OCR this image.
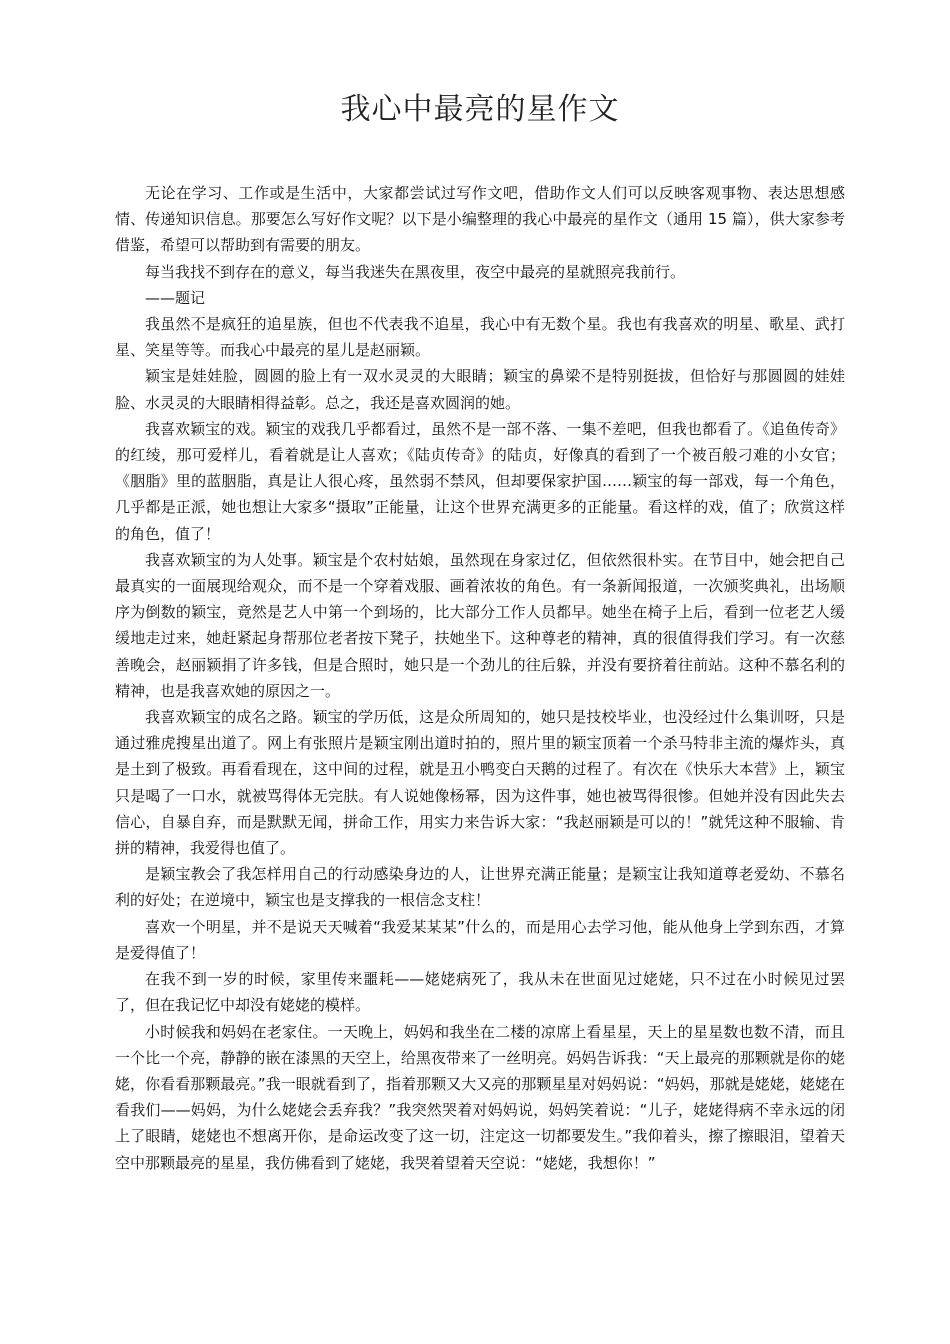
我心中最亮的星作文

无论在学习、工作或是生活中，大家都尝试过写作文吧，借助作文人们可以反映客观事物、表达思想感情、传递知识信息。那要怎么写好作文呢？以下是小编整理的我心中最亮的星作文（通用 15 篇），供大家参考借鉴，希望可以帮助到有需要的朋友。

每当我找不到存在的意义，每当我迷失在黑夜里，夜空中最亮的星就照亮我前行。

——题记

我虽然不是疯狂的追星族，但也不代表我不追星，我心中有无数个星。我也有我喜欢的明星、歌星、武打星、笑星等等。而我心中最亮的星儿是赵丽颖。

颖宝是娃娃脸，圆圆的脸上有一双水灵灵的大眼睛；颖宝的鼻梁不是特别挺拔，但恰好与那圆圆的娃娃脸、水灵灵的大眼睛相得益彰。总之，我还是喜欢圆润的她。

我喜欢颖宝的戏。颖宝的戏我几乎都看过，虽然不是一部不落、一集不差吧，但我也都看了。《追鱼传奇》的红绫，那可爱样儿，看着就是让人喜欢；《陆贞传奇》的陆贞，好像真的看到了一个被百般刁难的小女官；《胭脂》里的蓝胭脂，真是让人很心疼，虽然弱不禁风，但却要保家护国……颖宝的每一部戏，每一个角色，几乎都是正派，她也想让大家多“摄取”正能量，让这个世界充满更多的正能量。看这样的戏，值了；欣赏这样的角色，值了！

我喜欢颖宝的为人处事。颖宝是个农村姑娘，虽然现在身家过亿，但依然很朴实。在节目中，她会把自己最真实的一面展现给观众，而不是一个穿着戏服、画着浓妆的角色。有一条新闻报道，一次颁奖典礼，出场顺序为倒数的颖宝，竟然是艺人中第一个到场的，比大部分工作人员都早。她坐在椅子上后，看到一位老艺人缓缓地走过来，她赶紧起身帮那位老者按下凳子，扶她坐下。这种尊老的精神，真的很值得我们学习。有一次慈善晚会，赵丽颖捐了许多钱，但是合照时，她只是一个劲儿的往后躲，并没有要挤着往前站。这种不慕名利的精神，也是我喜欢她的原因之一。

我喜欢颖宝的成名之路。颖宝的学历低，这是众所周知的，她只是技校毕业，也没经过什么集训呀，只是通过雅虎搜星出道了。网上有张照片是颖宝刚出道时拍的，照片里的颖宝顶着一个杀马特非主流的爆炸头，真是土到了极致。再看看现在，这中间的过程，就是丑小鸭变白天鹅的过程了。有次在《快乐大本营》上，颖宝只是喝了一口水，就被骂得体无完肤。有人说她像杨幂，因为这件事，她也被骂得很惨。但她并没有因此失去信心，自暴自弃，而是默默无闻，拼命工作，用实力来告诉大家：“我赵丽颖是可以的！”就凭这种不服输、肯拼的精神，我爱得也值了。

是颖宝教会了我怎样用自己的行动感染身边的人，让世界充满正能量；是颖宝让我知道尊老爱幼、不慕名利的好处；在逆境中，颖宝也是支撑我的一根信念支柱！

喜欢一个明星，并不是说天天喊着“我爱某某某”什么的，而是用心去学习他，能从他身上学到东西，才算是爱得值了！

在我不到一岁的时候，家里传来噩耗——姥姥病死了，我从未在世面见过姥姥，只不过在小时候见过罢了，但在我记忆中却没有姥姥的模样。

小时候我和妈妈在老家住。一天晚上，妈妈和我坐在二楼的凉席上看星星，天上的星星数也数不清，而且一个比一个亮，静静的嵌在漆黑的天空上，给黑夜带来了一丝明亮。妈妈告诉我：“天上最亮的那颗就是你的姥姥，你看看那颗最亮。”我一眼就看到了，指着那颗又大又亮的那颗星星对妈妈说：“妈妈，那就是姥姥，姥姥在看我们——妈妈，为什么姥姥会丢弃我？”我突然哭着对妈妈说，妈妈笑着说：“儿子，姥姥得病不幸永远的闭上了眼睛，姥姥也不想离开你，是命运改变了这一切，注定这一切都要发生。”我仰着头，擦了擦眼泪，望着天空中那颗最亮的星星，我仿佛看到了姥姥，我哭着望着天空说：“姥姥，我想你！”
